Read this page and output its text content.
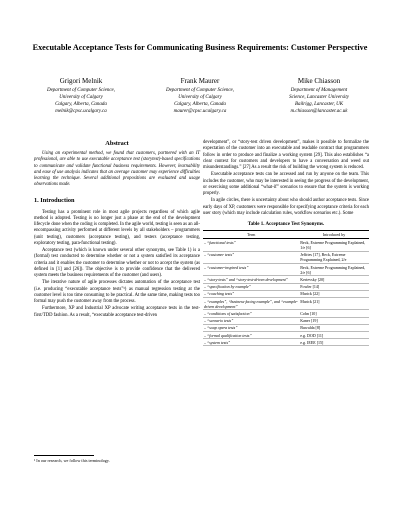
Executable Acceptance Tests for Communicating Business Requirements: Customer Perspective
Grigori Melnik
Department of Computer Science,
University of Calgary
Calgary, Alberta, Canada
melnik@cpsc.ucalgary.ca
Frank Maurer
Department of Computer Science,
University of Calgary
Calgary, Alberta, Canada
maurer@cpsc.ucalgary.ca
Mike Chiasson
Department of Management
Science, Lancaster University
Bailrigg, Lancaster, UK
m.chiasson@lancaster.ac.uk
Abstract

Using an experimental method, we found that customers, partnered with an IT professional, are able to use executable acceptance test (storytest)-based specifications to communicate and validate functional business requirements. However, learnability and ease of use analysis indicates that an average customer may experience difficulties learning the technique. Several additional propositions are evaluated and usage observations made.

1. Introduction

Testing has a prominent role in most agile projects regardless of which agile method is adopted. Testing is no longer just a phase at the end of the development lifecycle done when the coding is completed. In the agile world, testing is seen as an all-encompassing activity performed at different levels by all stakeholders – programmers (unit testing), customers (acceptance testing), and testers (acceptance testing, exploratory testing, para-functional testing).

Acceptance test (which is known under several other synonyms, see Table 1) is a (formal) test conducted to determine whether or not a system satisfied its acceptance criteria and it enables the customer to determine whether or not to accept the system (as defined in [1] and [26]). The objective is to provide confidence that the delivered system meets the business requirements of the customer (and users).

The iterative nature of agile processes dictates automation of the acceptance test (i.e. producing “executable acceptance tests”¹) as manual regression testing at the customer level is too time consuming to be practical. At the same time, making tests too formal may push the customer away from the process.

Furthermore, XP and Industrial XP advocate writing acceptance tests in the test-first/TDD fashion. As a result, “executable acceptance test-driven

development”, or “story-test driven development”, makes it possible to formalize the expectation of the customer into an executable and readable contract that programmers follow in order to produce and finalize a working system [29]. This also establishes “a clear context for customers and developers to have a conversation and weed out misunderstandings.” [27] As a result the risk of building the wrong system is reduced.

Executable acceptance tests can be accessed and run by anyone on the team. This includes the customer, who may be interested in seeing the progress of the development, or exercising some additional “what-if” scenarios to ensure that the system is working properly.

In agile circles, there is uncertainty about who should author acceptance tests. Since early days of XP, customers were responsible for specifying acceptance criteria for each user story (which may include calculation rules, workflow scenarios etc.). Some

Table 1. Acceptance Test Synonyms.
Term	Introduced by
– “functional tests”	Beck, Extreme Programming Explained, 1/e [6]
– “customer tests”	Jeffries [17], Beck, Extreme Programming Explained, 2/e
– “customer-inspired tests”	Beck, Extreme Programming Explained, 2/e [6]
– “story-tests” and “story-test-driven development”	Kerievsky [20]
– “specification by example”	Fowler [14]
– “coaching tests”	Marick [22]
– “examples”, “business-facing example”, and “example-driven development”	Marick [21]
– “conditions of satisfaction”	Cohn [10]
– “scenario tests”	Kaner [19]
– “soap opera tests”	Buwalda [8]
– “formal qualification tests”	e.g. DOD [11]
– “system tests”	e.g. IEEE [15]
¹ In our research, we follow this terminology.
